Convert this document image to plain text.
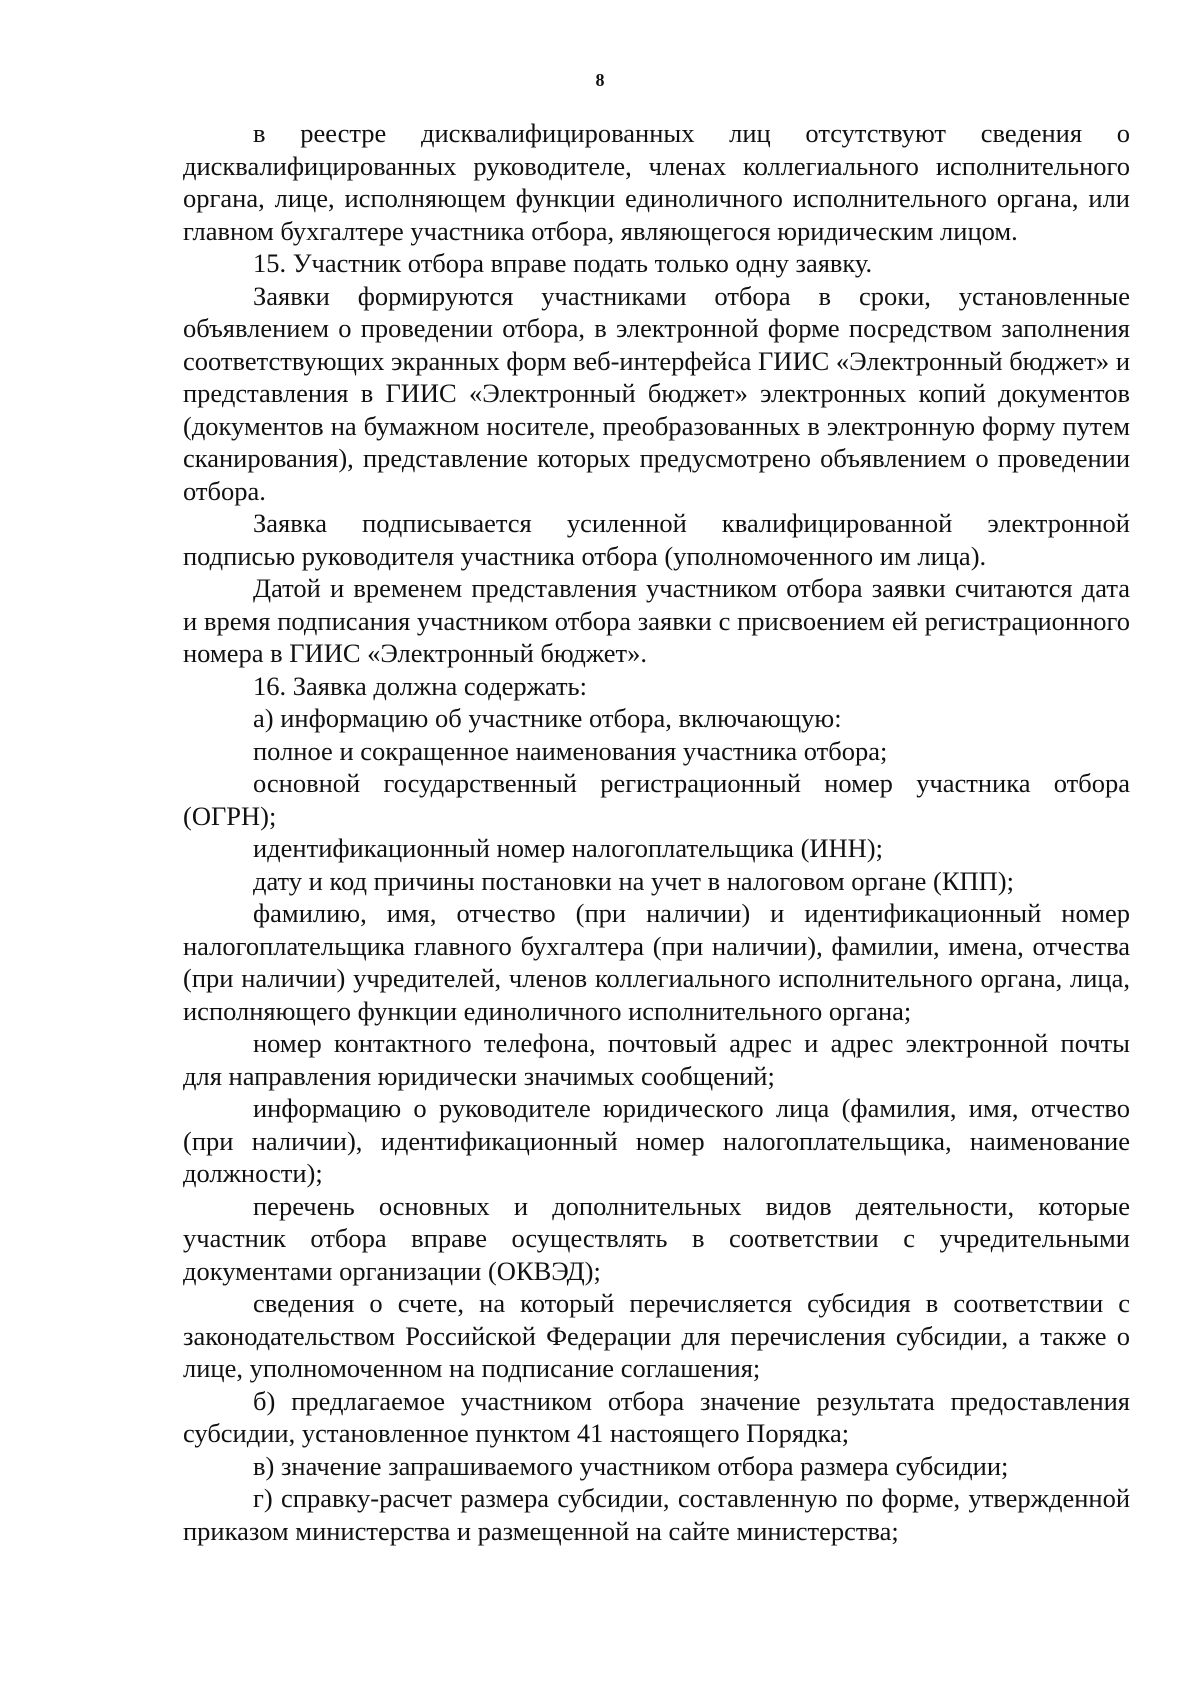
8

в реестре дисквалифицированных лиц отсутствуют сведения о дисквалифицированных руководителе, членах коллегиального исполнительного органа, лице, исполняющем функции единоличного исполнительного органа, или главном бухгалтере участника отбора, являющегося юридическим лицом.

15. Участник отбора вправе подать только одну заявку.

Заявки формируются участниками отбора в сроки, установленные объявлением о проведении отбора, в электронной форме посредством заполнения соответствующих экранных форм веб-интерфейса ГИИС «Электронный бюджет» и представления в ГИИС «Электронный бюджет» электронных копий документов (документов на бумажном носителе, преобразованных в электронную форму путем сканирования), представление которых предусмотрено объявлением о проведении отбора.

Заявка подписывается усиленной квалифицированной электронной подписью руководителя участника отбора (уполномоченного им лица).

Датой и временем представления участником отбора заявки считаются дата и время подписания участником отбора заявки с присвоением ей регистрационного номера в ГИИС «Электронный бюджет».

16. Заявка должна содержать:

а) информацию об участнике отбора, включающую:

полное и сокращенное наименования участника отбора;

основной государственный регистрационный номер участника отбора (ОГРН);

идентификационный номер налогоплательщика (ИНН);

дату и код причины постановки на учет в налоговом органе (КПП);

фамилию, имя, отчество (при наличии) и идентификационный номер налогоплательщика главного бухгалтера (при наличии), фамилии, имена, отчества (при наличии) учредителей, членов коллегиального исполнительного органа, лица, исполняющего функции единоличного исполнительного органа;

номер контактного телефона, почтовый адрес и адрес электронной почты для направления юридически значимых сообщений;

информацию о руководителе юридического лица (фамилия, имя, отчество (при наличии), идентификационный номер налогоплательщика, наименование должности);

перечень основных и дополнительных видов деятельности, которые участник отбора вправе осуществлять в соответствии с учредительными документами организации (ОКВЭД);

сведения о счете, на который перечисляется субсидия в соответствии с законодательством Российской Федерации для перечисления субсидии, а также о лице, уполномоченном на подписание соглашения;

б) предлагаемое участником отбора значение результата предоставления субсидии, установленное пунктом 41 настоящего Порядка;

в) значение запрашиваемого участником отбора размера субсидии;

г) справку-расчет размера субсидии, составленную по форме, утвержденной приказом министерства и размещенной на сайте министерства;
